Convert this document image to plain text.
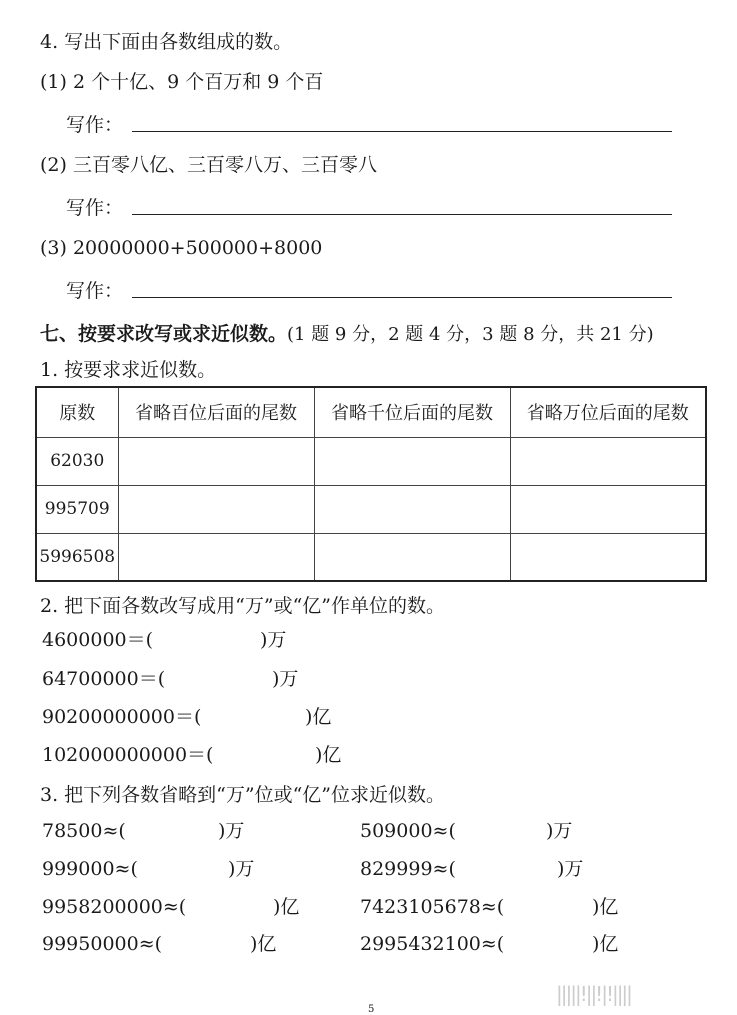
4. 写出下面由各数组成的数。
(1) 2 个十亿、9 个百万和 9 个百
写作：
(2) 三百零八亿、三百零八万、三百零八
写作：
(3) 20000000+500000+8000
写作：
七、按要求改写或求近似数。(1 题 9 分，2 题 4 分，3 题 8 分，共 21 分)
1. 按要求求近似数。
原数	省略百位后面的尾数	省略千位后面的尾数	省略万位后面的尾数
62030			
995709			
5996508			
2. 把下面各数改写成用“万”或“亿”作单位的数。
4600000＝(	)万
64700000＝(	)万
90200000000＝(	)亿
102000000000＝(	)亿
3. 把下列各数省略到“万”位或“亿”位求近似数。
78500≈(	)万	509000≈(	)万
999000≈(	)万	829999≈(	)万
9958200000≈(	)亿	7423105678≈(	)亿
99950000≈(	)亿	2995432100≈(	)亿
|||||!||!|!||||
5
